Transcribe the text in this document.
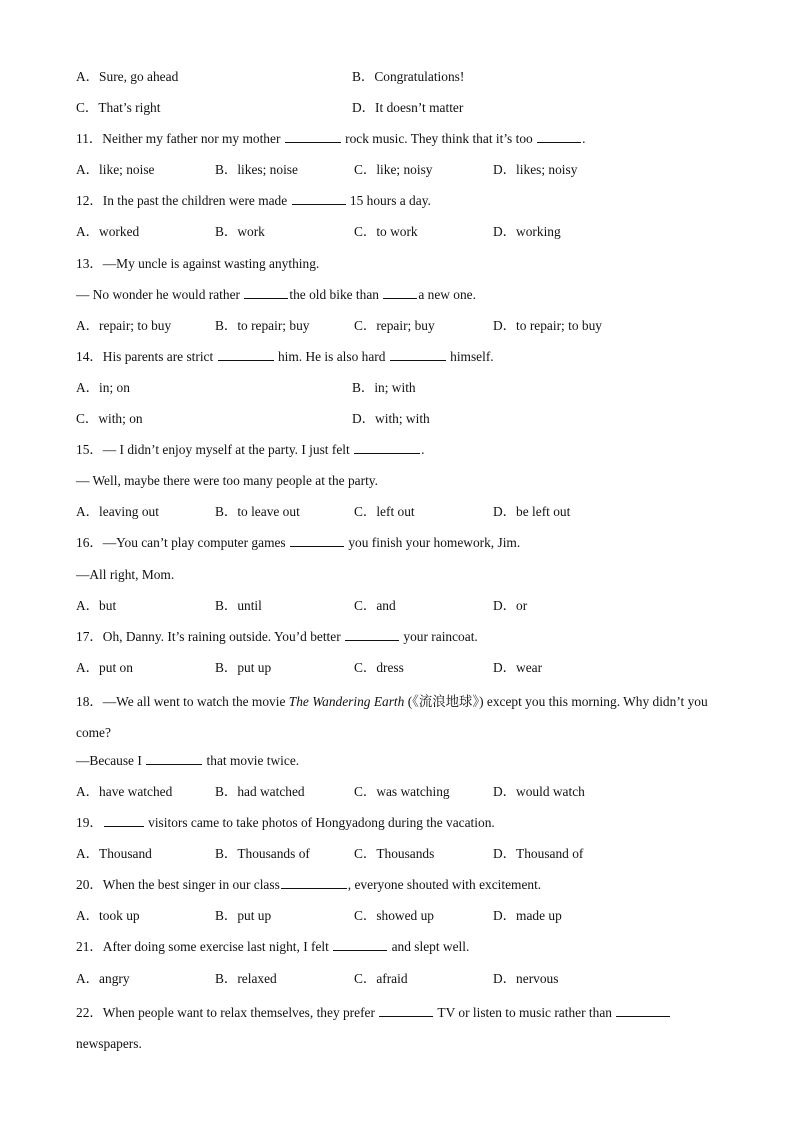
A．Sure, go ahead	B．Congratulations!
C．That’s right	D．It doesn’t matter
11．Neither my father nor my mother	rock music. They think that it’s too	.
A．like; noise	B．likes; noise	C．like; noisy	D．likes; noisy
12．In the past the children were made	15 hours a day.
A．worked	B．work	C．to work	D．working
13．—My uncle is against wasting anything.
— No wonder he would rather	the old bike than	a new one.
A．repair; to buy	B．to repair; buy	C．repair; buy	D．to repair; to buy
14．His parents are strict	him. He is also hard	himself.
A．in; on	B．in; with
C．with; on	D．with; with
15．— I didn’t enjoy myself at the party. I just felt	.
— Well, maybe there were too many people at the party.
A．leaving out	B．to leave out	C．left out	D．be left out
16．—You can’t play computer games	you finish your homework, Jim.
—All right, Mom.
A．but	B．until	C．and	D．or
17．Oh, Danny. It’s raining outside. You’d better	your raincoat.
A．put on	B．put up	C．dress	D．wear
18．—We all went to watch the movie The Wandering Earth (《流浪地球》) except you this morning. Why didn’t you come?
—Because I	that movie twice.
A．have watched	B．had watched	C．was watching	D．would watch
19．	visitors came to take photos of Hongyadong during the vacation.
A．Thousand	B．Thousands of	C．Thousands	D．Thousand of
20．When the best singer in our class	, everyone shouted with excitement.
A．took up	B．put up	C．showed up	D．made up
21．After doing some exercise last night, I felt	and slept well.
A．angry	B．relaxed	C．afraid	D．nervous
22．When people want to relax themselves, they prefer	TV or listen to music rather than  newspapers.
